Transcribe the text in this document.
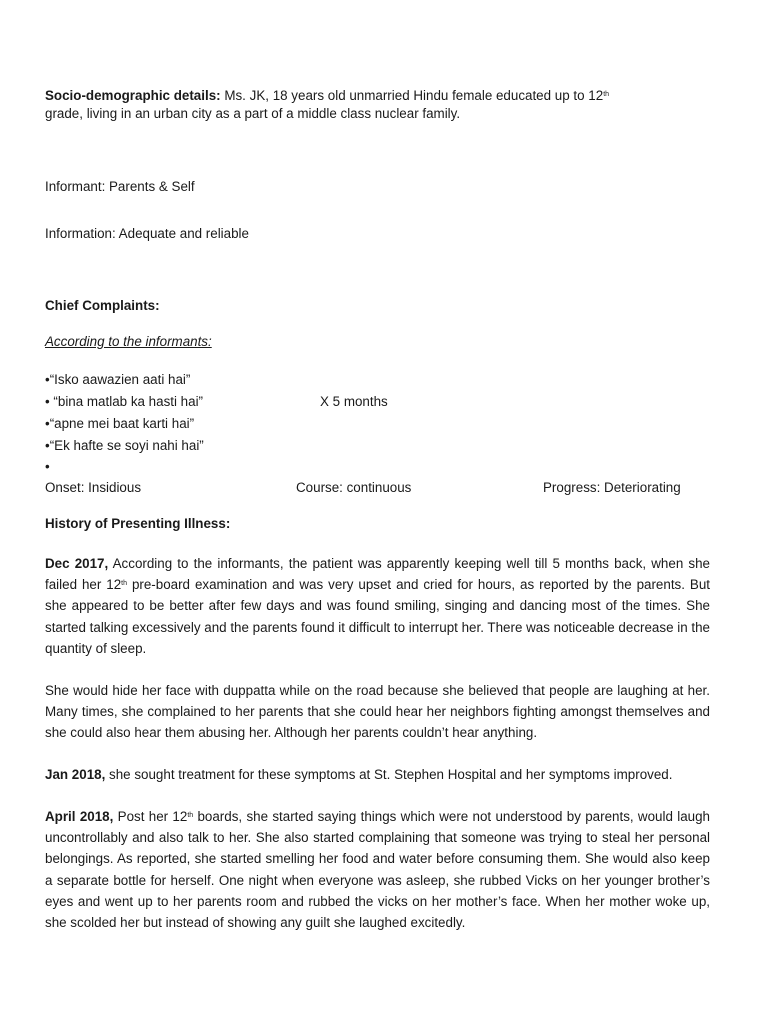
Socio-demographic details: Ms. JK, 18 years old unmarried Hindu female educated up to 12th
grade, living in an urban city as a part of a middle class nuclear family.
Informant: Parents & Self
Information: Adequate and reliable
Chief Complaints:
According to the informants:
•“Isko aawazien aati hai”
• “bina matlab ka hasti hai”	X 5 months
•“apne mei baat karti hai”
•“Ek hafte se soyi nahi hai”
•
Onset: Insidious	Course: continuous	Progress: Deteriorating
History of Presenting Illness:
Dec 2017, According to the informants, the patient was apparently keeping well till 5 months back, when she failed her 12th pre-board examination and was very upset and cried for hours, as reported by the parents. But she appeared to be better after few days and was found smiling, singing and dancing most of the times. She started talking excessively and the parents found it difficult to interrupt her. There was noticeable decrease in the quantity of sleep.
She would hide her face with duppatta while on the road because she believed that people are laughing at her. Many times, she complained to her parents that she could hear her neighbors fighting amongst themselves and she could also hear them abusing her. Although her parents couldn’t hear anything.
Jan 2018, she sought treatment for these symptoms at St. Stephen Hospital and her symptoms improved.
April 2018, Post her 12th boards, she started saying things which were not understood by parents, would laugh uncontrollably and also talk to her. She also started complaining that someone was trying to steal her personal belongings. As reported, she started smelling her food and water before consuming them. She would also keep a separate bottle for herself. One night when everyone was asleep, she rubbed Vicks on her younger brother’s eyes and went up to her parents room and rubbed the vicks on her mother’s face. When her mother woke up, she scolded her but instead of showing any guilt she laughed excitedly.
